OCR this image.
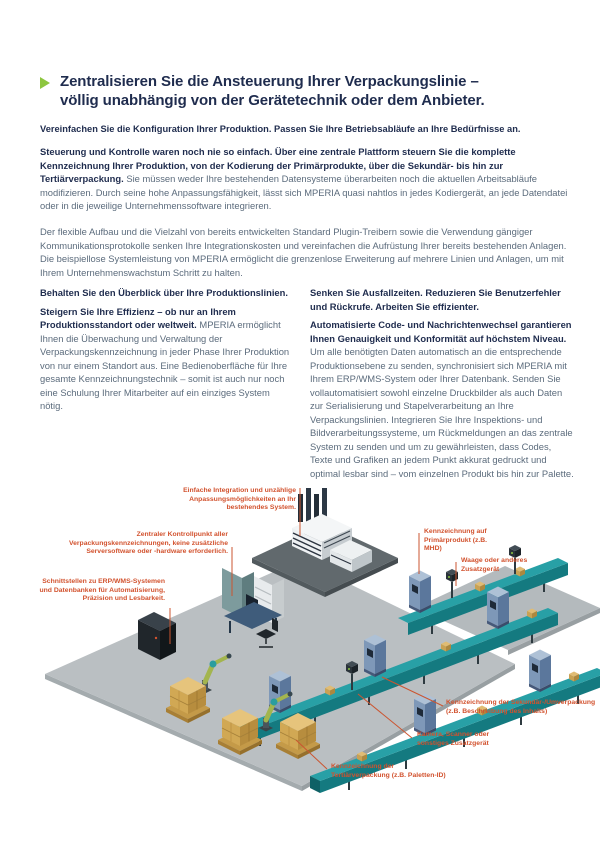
Zentralisieren Sie die Ansteuerung Ihrer Verpackungslinie –
völlig unabhängig von der Gerätetechnik oder dem Anbieter.
Vereinfachen Sie die Konfiguration Ihrer Produktion. Passen Sie Ihre Betriebsabläufe an Ihre Bedürfnisse an.
Steuerung und Kontrolle waren noch nie so einfach. Über eine zentrale Plattform steuern Sie die komplette Kennzeichnung Ihrer Produktion, von der Kodierung der Primärprodukte, über die Sekundär- bis hin zur Tertiärverpackung. Sie müssen weder Ihre bestehenden Datensysteme überarbeiten noch die aktuellen Arbeitsabläufe modifizieren. Durch seine hohe Anpassungsfähigkeit, lässt sich MPERIA quasi nahtlos in jedes Kodiergerät, an jede Datendatei oder in die jeweilige Unternehmenssoftware integrieren.
Der flexible Aufbau und die Vielzahl von bereits entwickelten Standard Plugin-Treibern sowie die Verwendung gängiger Kommunikationsprotokolle senken Ihre Integrationskosten und vereinfachen die Aufrüstung Ihrer bereits bestehenden Anlagen. Die beispiellose Systemleistung von MPERIA ermöglicht die grenzenlose Erweiterung auf mehrere Linien und Anlagen, um mit Ihrem Unternehmenswachstum Schritt zu halten.

Behalten Sie den Überblick über Ihre Produktionslinien.

Steigern Sie Ihre Effizienz – ob nur an Ihrem Produktionsstandort oder weltweit. MPERIA ermöglicht Ihnen die Überwachung und Verwaltung der Verpackungskennzeichnung in jeder Phase Ihrer Produktion von nur einem Standort aus. Eine Bedienoberfläche für Ihre gesamte Kennzeichnungstechnik – somit ist auch nur noch eine Schulung Ihrer Mitarbeiter auf ein einziges System nötig.

Senken Sie Ausfallzeiten. Reduzieren Sie Benutzerfehler und Rückrufe. Arbeiten Sie effizienter.

Automatisierte Code- und Nachrichtenwechsel garantieren Ihnen Genauigkeit und Konformität auf höchstem Niveau. Um alle benötigten Daten automatisch an die entsprechende Produktionsebene zu senden, synchronisiert sich MPERIA mit Ihrem ERP/WMS-System oder Ihrer Datenbank. Senden Sie vollautomatisiert sowohl einzelne Druckbilder als auch Daten zur Serialisierung und Stapelverarbeitung an Ihre Verpackungslinien. Integrieren Sie Ihre Inspektions- und Bildverarbeitungssysteme, um Rückmeldungen an das zentrale System zu senden und um zu gewährleisten, dass Codes, Texte und Grafiken an jedem Punkt akkurat gedruckt und optimal lesbar sind – vom einzelnen Produkt bis hin zur Palette.
Einfache Integration und unzählige Anpassungsmöglichkeiten an Ihr bestehendes System.
Zentraler Kontrollpunkt aller Verpackungskennzeichnungen, keine zusätzliche Serversoftware oder -hardware erforderlich.
Schnittstellen zu ERP/WMS-Systemen und Datenbanken für Automatisierung, Präzision und Lesbarkeit.
Kennzeichnung auf Primärprodukt (z.B. MHD)
Waage oder anderes Zusatzgerät
Kennzeichnung der Sekundär-/Umverpackung (z.B. Beschreibung des Inhalts)
Kamera, Scanner oder sonstiges Zusatzgerät
Kennzeichnung der Tertiärverpackung (z.B. Paletten-ID)
